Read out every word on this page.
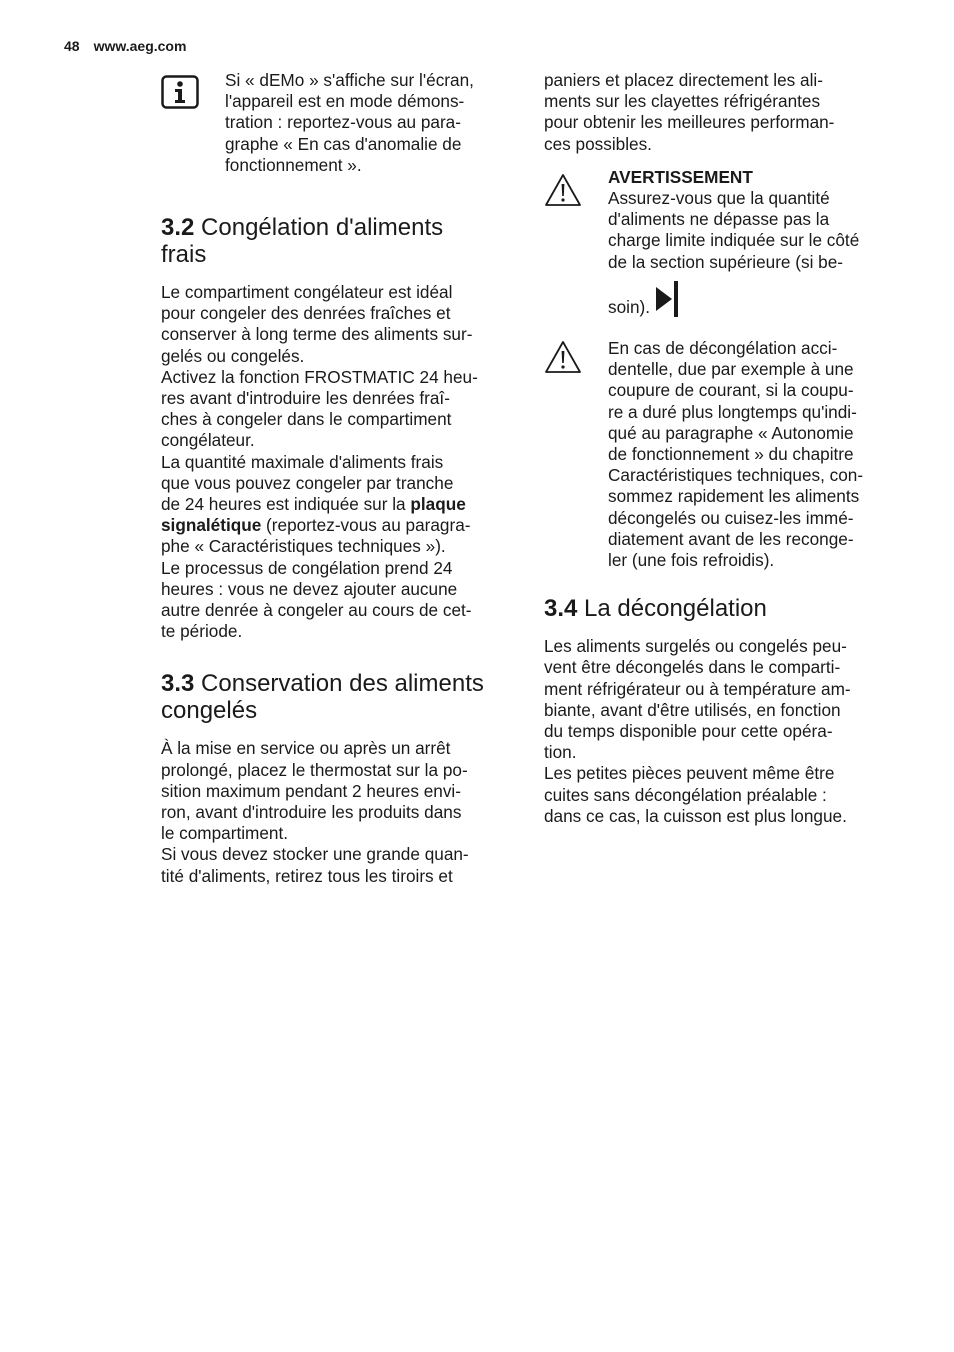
48 www.aeg.com
Si « dEMo » s'affiche sur l'écran,
l'appareil est en mode démons-
tration : reportez-vous au para-
graphe « En cas d'anomalie de
fonctionnement ».
3.2 Congélation d'aliments
frais
Le compartiment congélateur est idéal
pour congeler des denrées fraîches et
conserver à long terme des aliments sur-
gelés ou congelés.
Activez la fonction FROSTMATIC 24 heu-
res avant d'introduire les denrées fraî-
ches à congeler dans le compartiment
congélateur.
La quantité maximale d'aliments frais
que vous pouvez congeler par tranche
de 24 heures est indiquée sur la plaque
signalétique (reportez-vous au paragra-
phe « Caractéristiques techniques »).
Le processus de congélation prend 24
heures : vous ne devez ajouter aucune
autre denrée à congeler au cours de cet-
te période.
3.3 Conservation des aliments
congelés
À la mise en service ou après un arrêt
prolongé, placez le thermostat sur la po-
sition maximum pendant 2 heures envi-
ron, avant d'introduire les produits dans
le compartiment.
Si vous devez stocker une grande quan-
tité d'aliments, retirez tous les tiroirs et
paniers et placez directement les ali-
ments sur les clayettes réfrigérantes
pour obtenir les meilleures performan-
ces possibles.
AVERTISSEMENT
Assurez-vous que la quantité
d'aliments ne dépasse pas la
charge limite indiquée sur le côté
de la section supérieure (si be-
soin).
En cas de décongélation acci-
dentelle, due par exemple à une
coupure de courant, si la coupu-
re a duré plus longtemps qu'indi-
qué au paragraphe « Autonomie
de fonctionnement » du chapitre
Caractéristiques techniques, con-
sommez rapidement les aliments
décongelés ou cuisez-les immé-
diatement avant de les recongе-
ler (une fois refroidis).
3.4 La décongélation
Les aliments surgelés ou congelés peu-
vent être décongelés dans le comparti-
ment réfrigérateur ou à température am-
biante, avant d'être utilisés, en fonction
du temps disponible pour cette opéra-
tion.
Les petites pièces peuvent même être
cuites sans décongélation préalable :
dans ce cas, la cuisson est plus longue.
